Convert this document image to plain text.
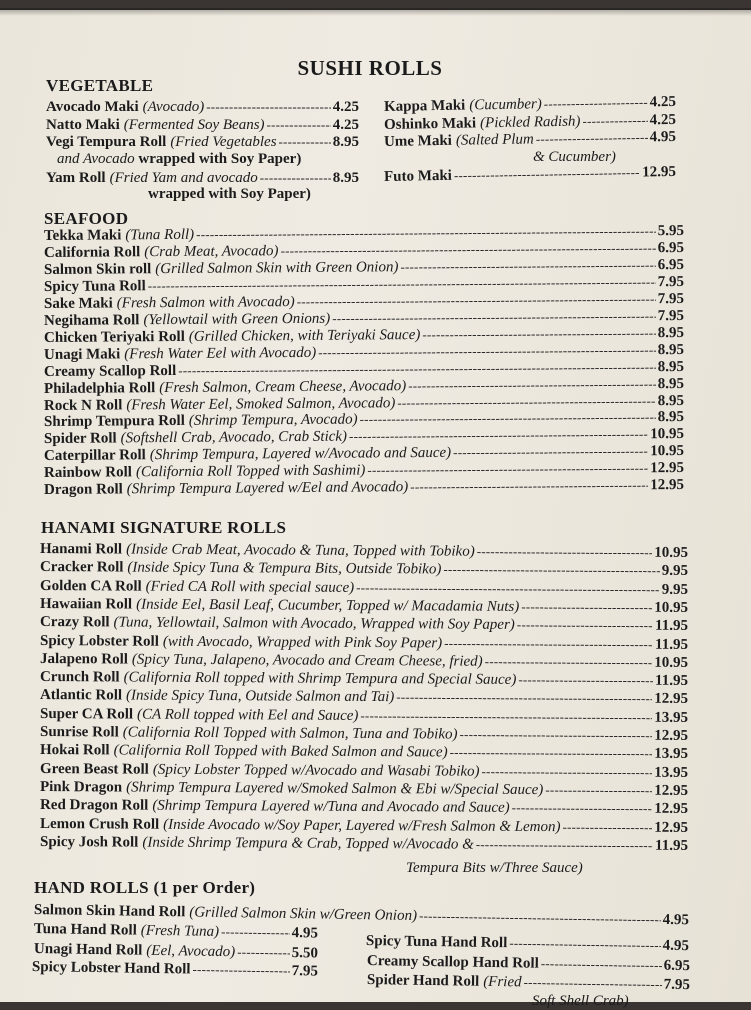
SUSHI ROLLS
VEGETABLE
Avocado Maki (Avocado) -----	4.25
Natto Maki (Fermented Soy Beans) -----	4.25
Vegi Tempura Roll (Fried Vegetables -----	8.95
and Avocado wrapped with Soy Paper)
Yam Roll (Fried Yam and avocado -----	8.95
wrapped with Soy Paper)
Kappa Maki (Cucumber) -----	4.25
Oshinko Maki (Pickled Radish) -----	4.25
Ume Maki (Salted Plum -----	4.95
& Cucumber)
Futo Maki -----	12.95
SEAFOOD
Tekka Maki (Tuna Roll) -----	5.95
California Roll (Crab Meat, Avocado) -----	6.95
Salmon Skin roll (Grilled Salmon Skin with Green Onion) -----	6.95
Spicy Tuna Roll -----	7.95
Sake Maki (Fresh Salmon with Avocado) -----	7.95
Negihama Roll (Yellowtail with Green Onions) -----	7.95
Chicken Teriyaki Roll (Grilled Chicken, with Teriyaki Sauce) -----	8.95
Unagi Maki (Fresh Water Eel with Avocado) -----	8.95
Creamy Scallop Roll -----	8.95
Philadelphia Roll (Fresh Salmon, Cream Cheese, Avocado) -----	8.95
Rock N Roll (Fresh Water Eel, Smoked Salmon, Avocado) -----	8.95
Shrimp Tempura Roll (Shrimp Tempura, Avocado) -----	8.95
Spider Roll (Softshell Crab, Avocado, Crab Stick) -----	10.95
Caterpillar Roll (Shrimp Tempura, Layered w/Avocado and Sauce) -----	10.95
Rainbow Roll (California Roll Topped with Sashimi) -----	12.95
Dragon Roll (Shrimp Tempura Layered w/Eel and Avocado) -----	12.95
HANAMI SIGNATURE ROLLS
Hanami Roll (Inside Crab Meat, Avocado & Tuna, Topped with Tobiko) -----	10.95
Cracker Roll (Inside Spicy Tuna & Tempura Bits, Outside Tobiko) -----	9.95
Golden CA Roll (Fried CA Roll with special sauce) -----	9.95
Hawaiian Roll (Inside Eel, Basil Leaf, Cucumber, Topped w/ Macadamia Nuts) -----	10.95
Crazy Roll (Tuna, Yellowtail, Salmon with Avocado, Wrapped with Soy Paper) -----	11.95
Spicy Lobster Roll (with Avocado, Wrapped with Pink Soy Paper) -----	11.95
Jalapeno Roll (Spicy Tuna, Jalapeno, Avocado and Cream Cheese, fried) -----	10.95
Crunch Roll (California Roll topped with Shrimp Tempura and Special Sauce) -----	11.95
Atlantic Roll (Inside Spicy Tuna, Outside Salmon and Tai) -----	12.95
Super CA Roll (CA Roll topped with Eel and Sauce) -----	13.95
Sunrise Roll (California Roll Topped with Salmon, Tuna and Tobiko) -----	12.95
Hokai Roll (California Roll Topped with Baked Salmon and Sauce) -----	13.95
Green Beast Roll (Spicy Lobster Topped w/Avocado and Wasabi Tobiko) -----	13.95
Pink Dragon (Shrimp Tempura Layered w/Smoked Salmon & Ebi w/Special Sauce) -----	12.95
Red Dragon Roll (Shrimp Tempura Layered w/Tuna and Avocado and Sauce) -----	12.95
Lemon Crush Roll (Inside Avocado w/Soy Paper, Layered w/Fresh Salmon & Lemon) -----	12.95
Spicy Josh Roll (Inside Shrimp Tempura & Crab, Topped w/Avocado & -----	11.95
Tempura Bits w/Three Sauce)
HAND ROLLS (1 per Order)
Salmon Skin Hand Roll (Grilled Salmon Skin w/Green Onion) -----	4.95
Tuna Hand Roll (Fresh Tuna) -----	4.95
Unagi Hand Roll (Eel, Avocado) -----	5.50
Spicy Lobster Hand Roll -----	7.95
Spicy Tuna Hand Roll -----	4.95
Creamy Scallop Hand Roll -----	6.95
Spider Hand Roll (Fried -----	7.95
Soft Shell Crab)
